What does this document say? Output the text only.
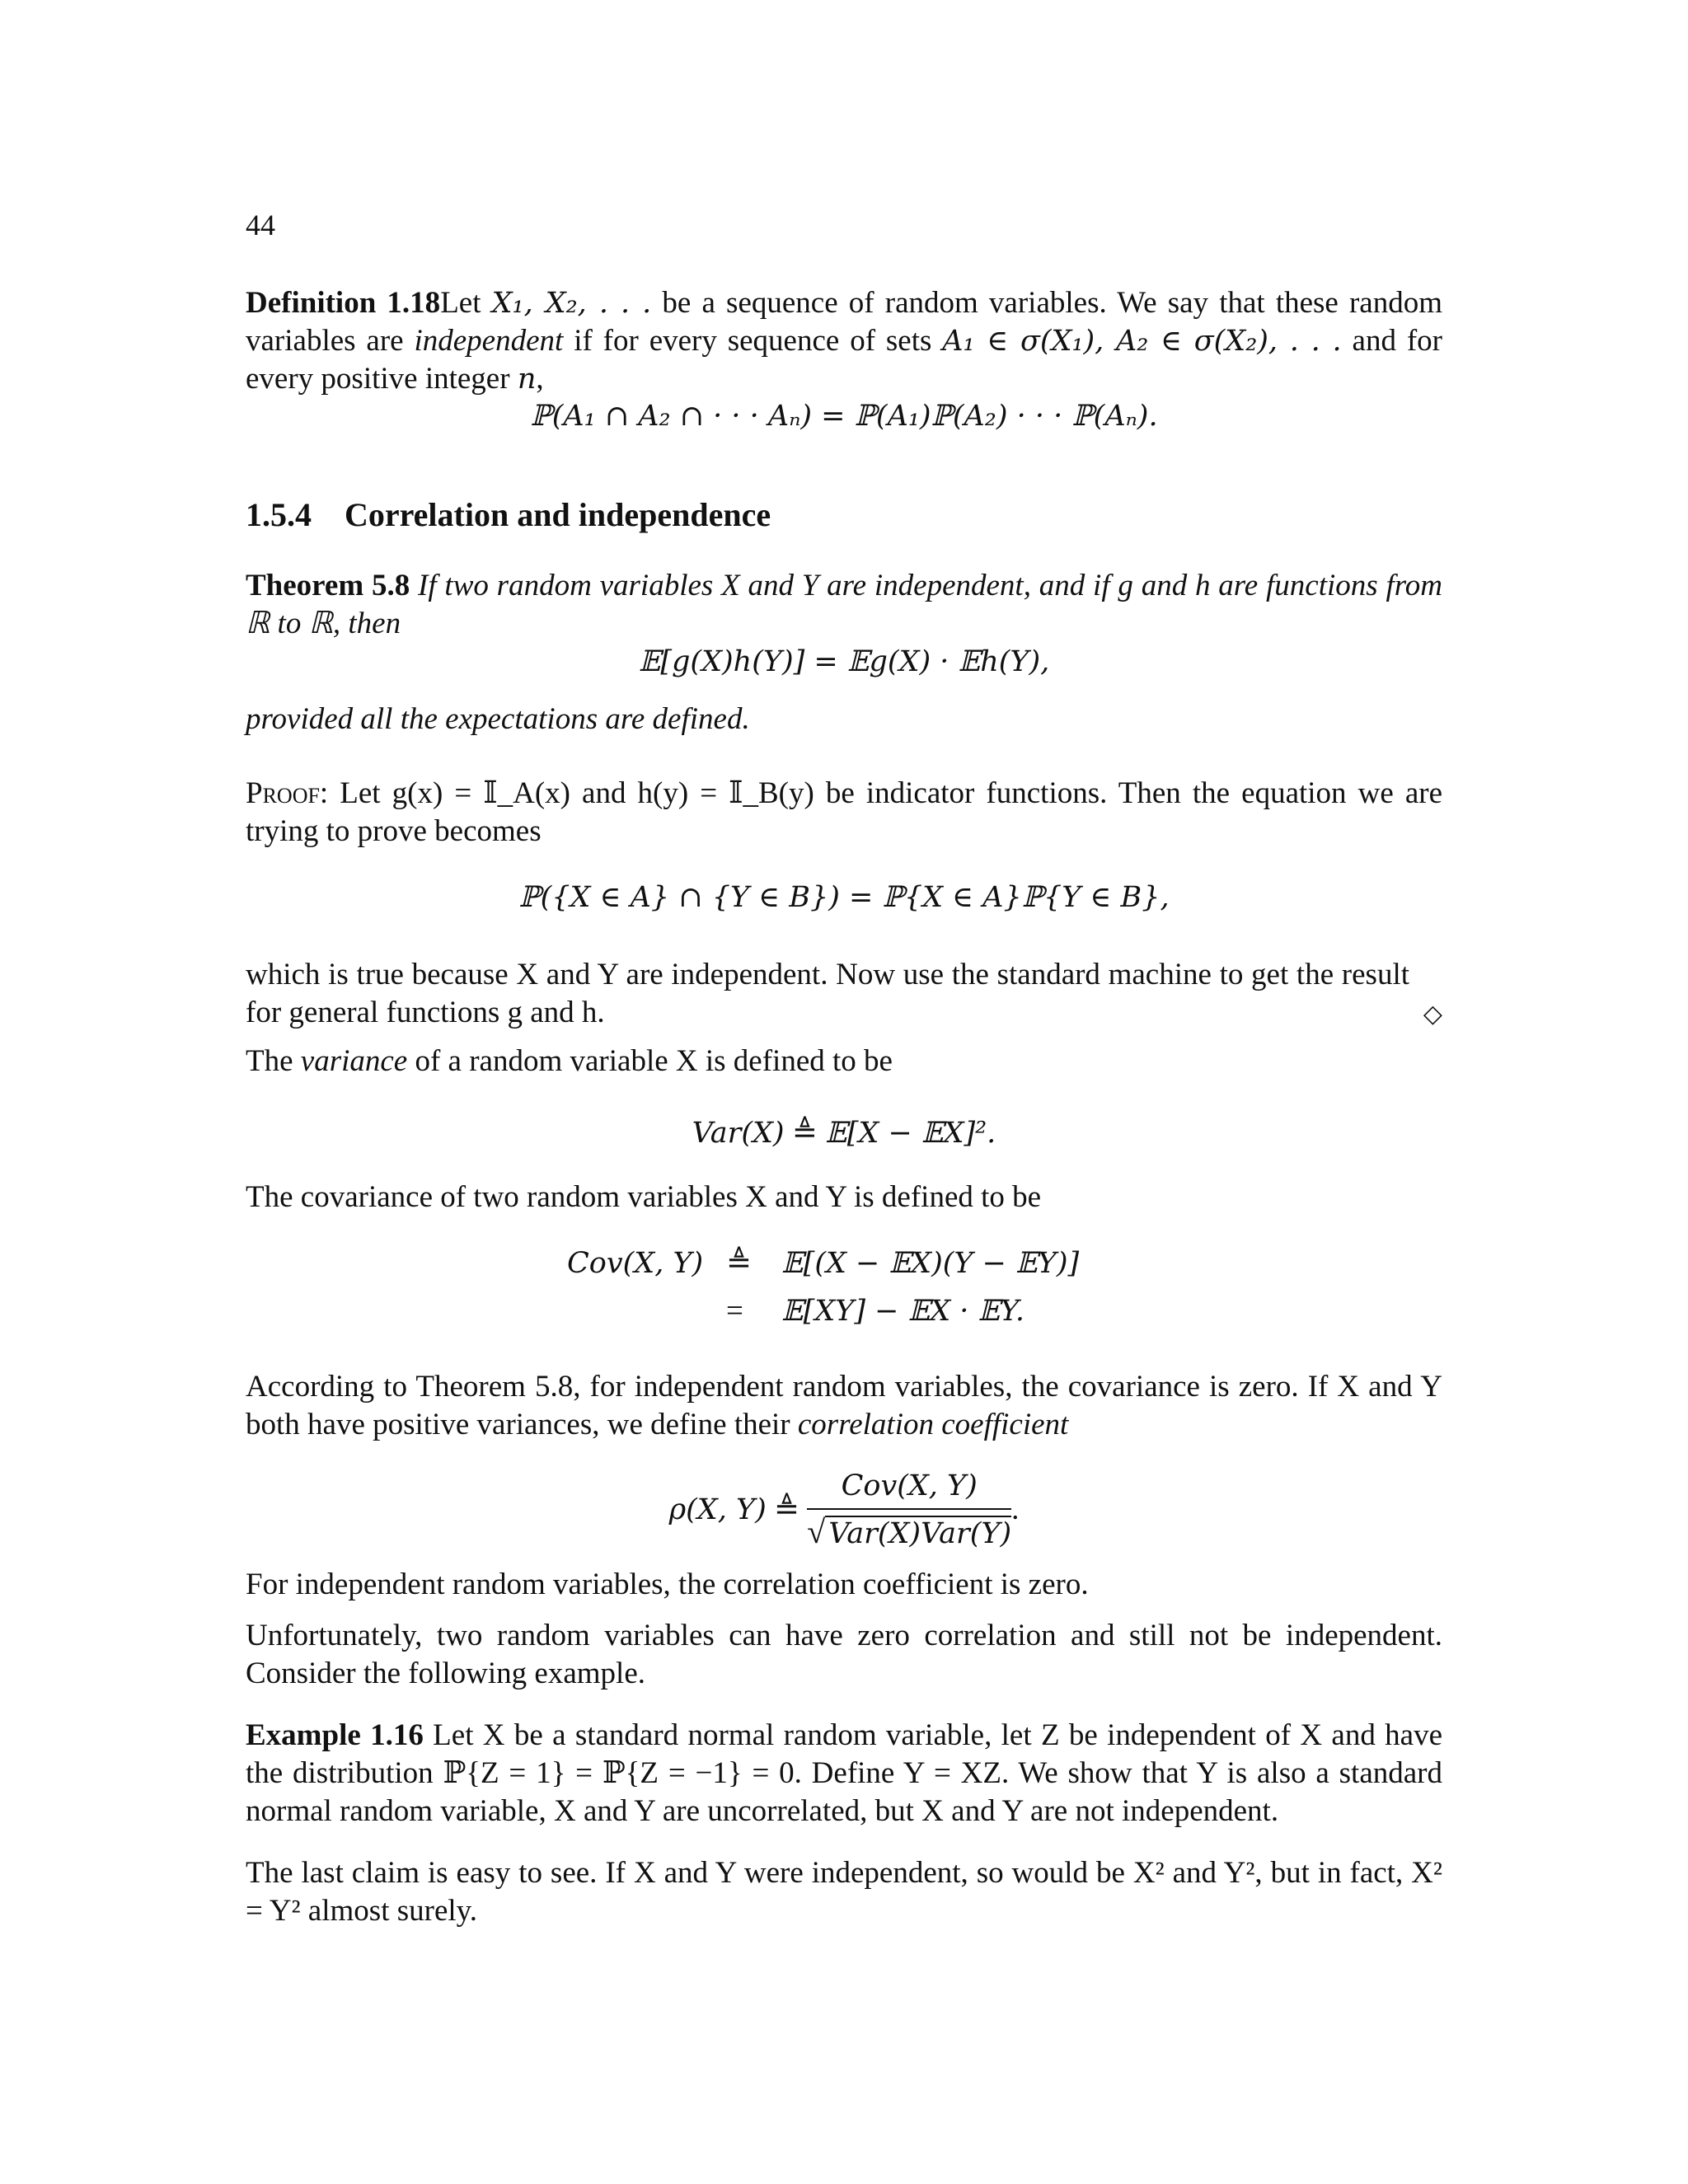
44

Definition 1.18Let X₁, X₂, . . . be a sequence of random variables. We say that these random variables are independent if for every sequence of sets A₁ ∈ σ(X₁), A₂ ∈ σ(X₂), . . . and for every positive integer n,

ℙ(A₁ ∩ A₂ ∩ · · · Aₙ) = ℙ(A₁)ℙ(A₂) · · · ℙ(Aₙ).
1.5.4 Correlation and independence

Theorem 5.8 If two random variables X and Y are independent, and if g and h are functions from ℝ to ℝ, then

𝔼[g(X)h(Y)] = 𝔼g(X) · 𝔼h(Y),

provided all the expectations are defined.

Proof: Let g(x) = 𝕀_A(x) and h(y) = 𝕀_B(y) be indicator functions. Then the equation we are trying to prove becomes

ℙ({X ∈ A} ∩ {Y ∈ B}) = ℙ{X ∈ A}ℙ{Y ∈ B},

which is true because X and Y are independent. Now use the standard machine to get the result for general functions g and h.	◇

The variance of a random variable X is defined to be

Var(X) ≜ 𝔼[X − 𝔼X]².

The covariance of two random variables X and Y is defined to be

Cov(X, Y) ≜ 𝔼[(X − 𝔼X)(Y − 𝔼Y)]
= 𝔼[XY] − 𝔼X · 𝔼Y.

According to Theorem 5.8, for independent random variables, the covariance is zero. If X and Y both have positive variances, we define their correlation coefficient

ρ(X, Y) ≜ $\frac{\text{Cov(X, Y)}}{\text{√ Var(X)Var(Y)}}$ .

For independent random variables, the correlation coefficient is zero.

Unfortunately, two random variables can have zero correlation and still not be independent. Consider the following example.

Example 1.16 Let X be a standard normal random variable, let Z be independent of X and have the distribution ℙ{Z = 1} = ℙ{Z = −1} = 0. Define Y = XZ. We show that Y is also a standard normal random variable, X and Y are uncorrelated, but X and Y are not independent.

The last claim is easy to see. If X and Y were independent, so would be X² and Y², but in fact, X² = Y² almost surely.
